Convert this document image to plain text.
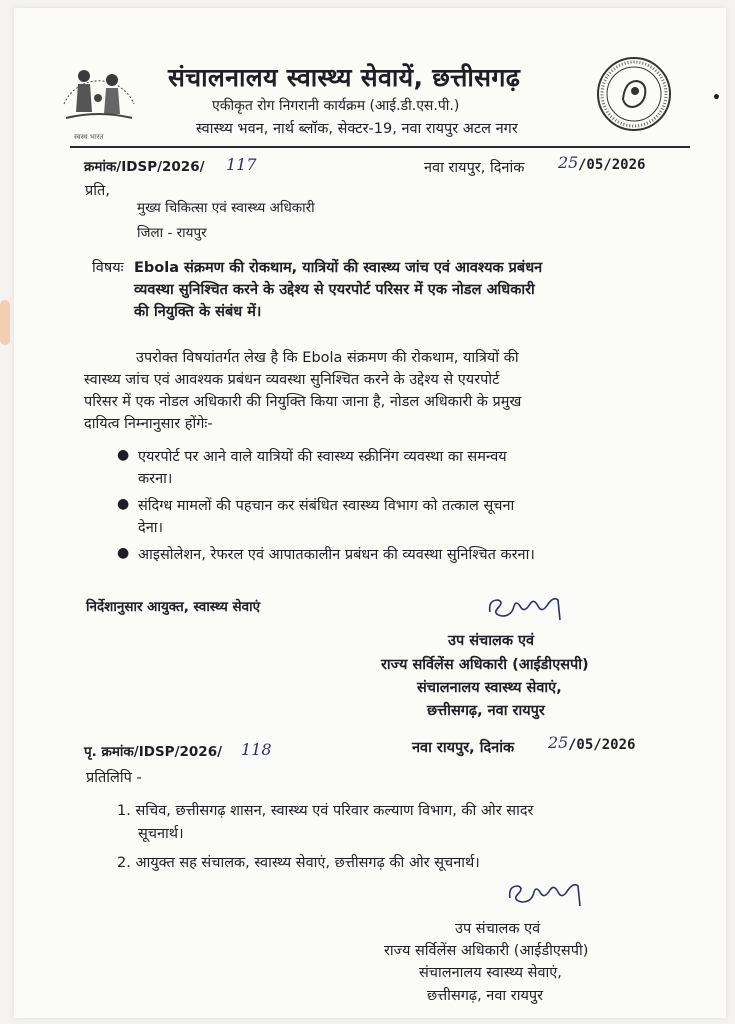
स्वस्थ भारत
•
संचालनालय स्वास्थ्य सेवायें, छत्तीसगढ़
एकीकृत रोग निगरानी कार्यक्रम (आई.डी.एस.पी.)
स्वास्थ्य भवन, नार्थ ब्लॉक, सेक्टर-19, नवा रायपुर अटल नगर
क्रमांक/IDSP/2026/ 117	नवा रायपुर, दिनांक 25 /05/2026
प्रति,
मुख्य चिकित्सा एवं स्वास्थ्य अधिकारी
जिला - रायपुर
विषयः Ebola संक्रमण की रोकथाम, यात्रियों की स्वास्थ्य जांच एवं आवश्यक प्रबंधन
व्यवस्था सुनिश्चित करने के उद्देश्य से एयरपोर्ट परिसर में एक नोडल अधिकारी
की नियुक्ति के संबंध में।
उपरोक्त विषयांतर्गत लेख है कि Ebola संक्रमण की रोकथाम, यात्रियों की
स्वास्थ्य जांच एवं आवश्यक प्रबंधन व्यवस्था सुनिश्चित करने के उद्देश्य से एयरपोर्ट
परिसर में एक नोडल अधिकारी की नियुक्ति किया जाना है, नोडल अधिकारी के प्रमुख
दायित्व निम्नानुसार होंगेः-
● एयरपोर्ट पर आने वाले यात्रियों की स्वास्थ्य स्क्रीनिंग व्यवस्था का समन्वय
करना।
● संदिग्ध मामलों की पहचान कर संबंधित स्वास्थ्य विभाग को तत्काल सूचना
देना।
● आइसोलेशन, रेफरल एवं आपातकालीन प्रबंधन की व्यवस्था सुनिश्चित करना।
निर्देशानुसार आयुक्त, स्वास्थ्य सेवाएं
उप संचालक एवं
राज्य सर्विलेंस अधिकारी (आईडीएसपी)
संचालनालय स्वास्थ्य सेवाएं,
छत्तीसगढ़, नवा रायपुर
पृ. क्रमांक/IDSP/2026/ 118	नवा रायपुर, दिनांक 25 /05/2026
प्रतिलिपि -
1. सचिव, छत्तीसगढ़ शासन, स्वास्थ्य एवं परिवार कल्याण विभाग, की ओर सादर
सूचनार्थ।
2. आयुक्त सह संचालक, स्वास्थ्य सेवाएं, छत्तीसगढ़ की ओर सूचनार्थ।
उप संचालक एवं
राज्य सर्विलेंस अधिकारी (आईडीएसपी)
संचालनालय स्वास्थ्य सेवाएं,
छत्तीसगढ़, नवा रायपुर
